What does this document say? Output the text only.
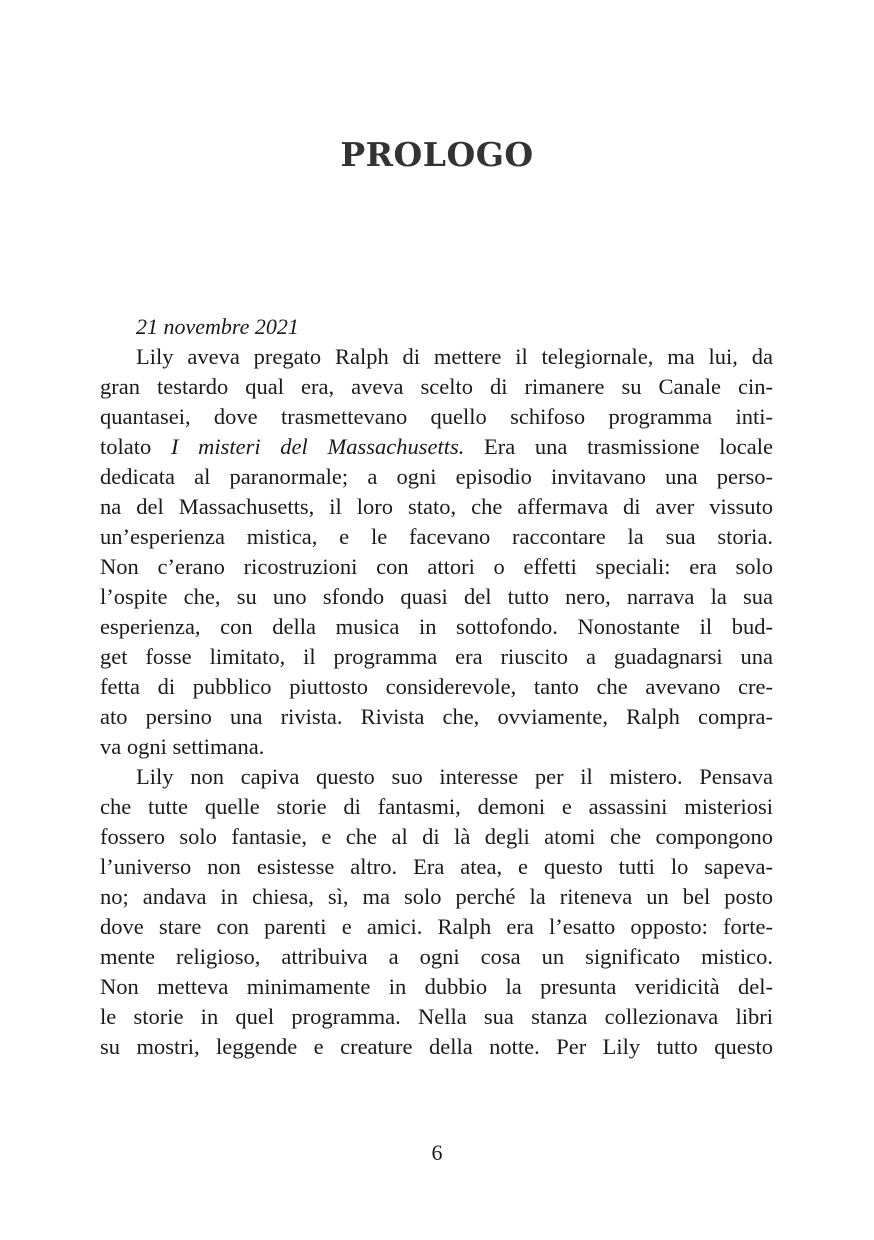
PROLOGO
21 novembre 2021
Lily aveva pregato Ralph di mettere il telegiornale, ma lui, da
gran testardo qual era, aveva scelto di rimanere su Canale cin-
quantasei, dove trasmettevano quello schifoso programma inti-
tolato I misteri del Massachusetts. Era una trasmissione locale
dedicata al paranormale; a ogni episodio invitavano una perso-
na del Massachusetts, il loro stato, che affermava di aver vissuto
un’esperienza mistica, e le facevano raccontare la sua storia.
Non c’erano ricostruzioni con attori o effetti speciali: era solo
l’ospite che, su uno sfondo quasi del tutto nero, narrava la sua
esperienza, con della musica in sottofondo. Nonostante il bud-
get fosse limitato, il programma era riuscito a guadagnarsi una
fetta di pubblico piuttosto considerevole, tanto che avevano cre-
ato persino una rivista. Rivista che, ovviamente, Ralph compra-
va ogni settimana.
Lily non capiva questo suo interesse per il mistero. Pensava
che tutte quelle storie di fantasmi, demoni e assassini misteriosi
fossero solo fantasie, e che al di là degli atomi che compongono
l’universo non esistesse altro. Era atea, e questo tutti lo sapeva-
no; andava in chiesa, sì, ma solo perché la riteneva un bel posto
dove stare con parenti e amici. Ralph era l’esatto opposto: forte-
mente religioso, attribuiva a ogni cosa un significato mistico.
Non metteva minimamente in dubbio la presunta veridicità del-
le storie in quel programma. Nella sua stanza collezionava libri
su mostri, leggende e creature della notte. Per Lily tutto questo
6
